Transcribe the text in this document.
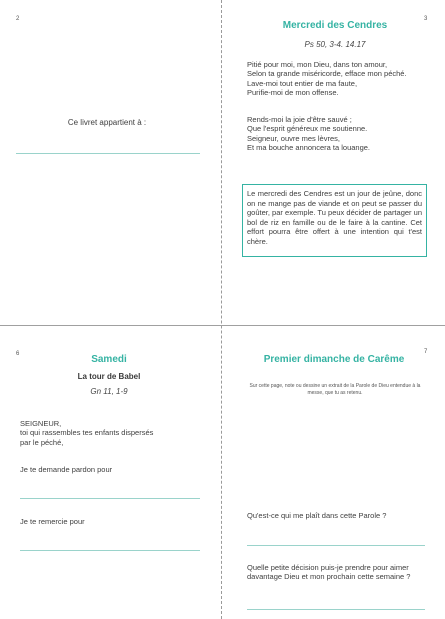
2
Ce livret appartient à :
3
Mercredi des Cendres
Ps 50, 3-4. 14.17
Pitié pour moi, mon Dieu, dans ton amour,
Selon ta grande miséricorde, efface mon péché.
Lave-moi tout entier de ma faute,
Purifie-moi de mon offense.
Rends-moi la joie d'être sauvé ;
Que l'esprit généreux me soutienne.
Seigneur, ouvre mes lèvres,
Et ma bouche annoncera ta louange.
Le mercredi des Cendres est un jour de jeûne, donc on ne mange pas de viande et on peut se passer du goûter, par exemple. Tu peux décider de partager un bol de riz en famille ou de le faire à la cantine. Cet effort pourra être offert à une intention qui t'est chère.
6	Samedi
La tour de Babel
Gn 11, 1-9
SEIGNEUR,
toi qui rassembles tes enfants dispersés
par le péché,
Je te demande pardon pour
Je te remercie pour
7
Premier dimanche de Carême
Sur cette page, note ou dessine un extrait de la Parole de Dieu entendue à la messe, que tu as retenu.
Qu'est-ce qui me plaît dans cette Parole ?
Quelle petite décision puis-je prendre pour aimer davantage Dieu et mon prochain cette semaine ?
